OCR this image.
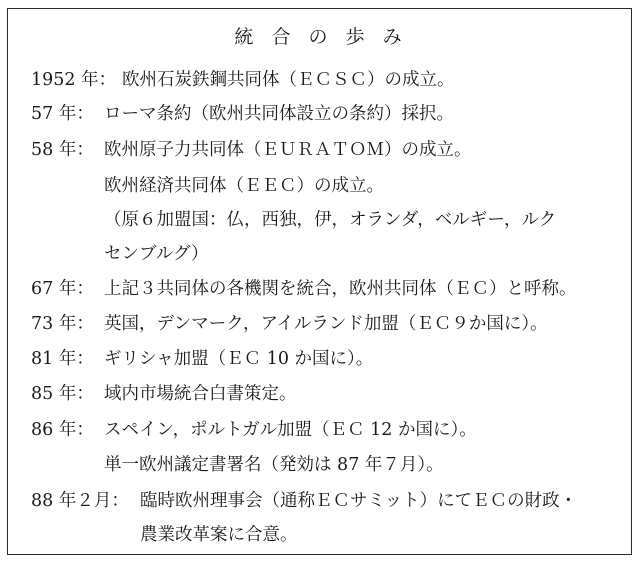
統 合 の 歩 み
1952 年： 欧州石炭鉄鋼共同体（ＥＣＳＣ）の成立。
57 年： ローマ条約（欧州共同体設立の条約）採択。
58 年： 欧州原子力共同体（ＥＵＲＡＴＯＭ）の成立。
欧州経済共同体（ＥＥＣ）の成立。
（原６加盟国：仏，西独，伊，オランダ，ベルギー，ルク
センブルグ）
67 年： 上記３共同体の各機関を統合，欧州共同体（ＥＣ）と呼称。
73 年： 英国，デンマーク，アイルランド加盟（ＥＣ９か国に）。
81 年： ギリシャ加盟（ＥＣ 10 か国に）。
85 年： 域内市場統合白書策定。
86 年： スペイン，ポルトガル加盟（ＥＣ 12 か国に）。
単一欧州議定書署名（発効は 87 年７月）。
88 年２月： 臨時欧州理事会（通称ＥＣサミット）にてＥＣの財政・
農業改革案に合意。
